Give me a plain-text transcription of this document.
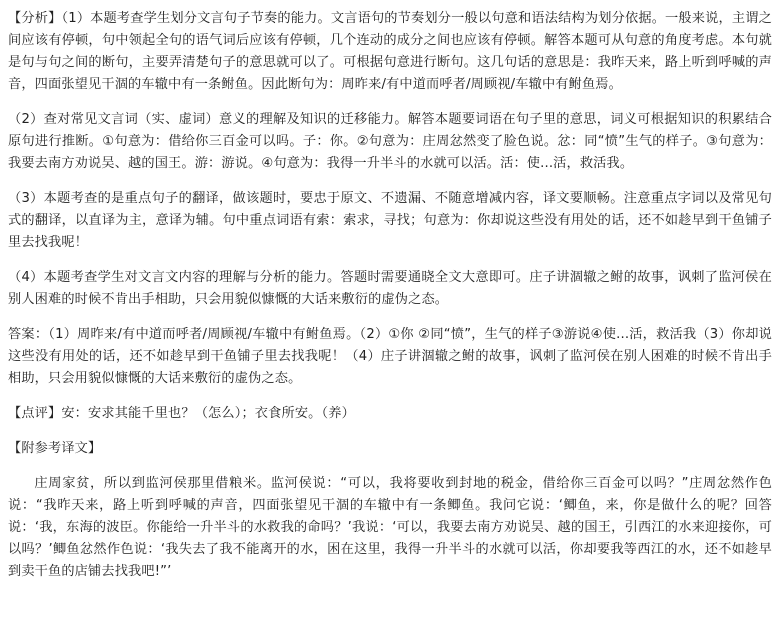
【分析】（1）本题考查学生划分文言句子节奏的能力。文言语句的节奏划分一般以句意和语法结构为划分依据。一般来说，主谓之间应该有停顿，句中领起全句的语气词后应该有停顿，几个连动的成分之间也应该有停顿。解答本题可从句意的角度考虑。本句就是句与句之间的断句，主要弄清楚句子的意思就可以了。可根据句意进行断句。这几句话的意思是：我昨天来，路上听到呼喊的声音，四面张望见干涸的车辙中有一条鲋鱼。因此断句为：周昨来/有中道而呼者/周顾视/车辙中有鲋鱼焉。

（2）查对常见文言词（实、虚词）意义的理解及知识的迁移能力。解答本题要词语在句子里的意思，词义可根据知识的积累结合原句进行推断。①句意为：借给你三百金可以吗。子：你。②句意为：庄周忿然变了脸色说。忿：同“愤”生气的样子。③句意为：我要去南方劝说吴、越的国王。游：游说。④句意为：我得一升半斗的水就可以活。活：使...活，救活我。

（3）本题考查的是重点句子的翻译，做该题时，要忠于原文、不遗漏、不随意增减内容，译文要顺畅。注意重点字词以及常见句式的翻译，以直译为主，意译为辅。句中重点词语有索：索求，寻找；句意为：你却说这些没有用处的话，还不如趁早到干鱼铺子里去找我呢！

（4）本题考查学生对文言文内容的理解与分析的能力。答题时需要通晓全文大意即可。庄子讲涸辙之鲋的故事，讽刺了监河侯在别人困难的时候不肯出手相助，只会用貌似慷慨的大话来敷衍的虚伪之态。

答案：（1）周昨来/有中道而呼者/周顾视/车辙中有鲋鱼焉。（2）①你 ②同“愤”，生气的样子③游说④使...活，救活我（3）你却说这些没有用处的话，还不如趁早到干鱼铺子里去找我呢！（4）庄子讲涸辙之鲋的故事，讽刺了监河侯在别人困难的时候不肯出手相助，只会用貌似慷慨的大话来敷衍的虚伪之态。

【点评】安：安求其能千里也？（怎么）；衣食所安。（养）

【附参考译文】

庄周家贫，所以到监河侯那里借粮米。监河侯说：“可以，我将要收到封地的税金，借给你三百金可以吗？”庄周忿然作色说：“我昨天来，路上听到呼喊的声音，四面张望见干涸的车辙中有一条鲫鱼。我问它说：‘鲫鱼，来，你是做什么的呢？回答说：‘我，东海的波臣。你能给一升半斗的水救我的命吗？’我说：‘可以，我要去南方劝说吴、越的国王，引西江的水来迎接你，可以吗？’鲫鱼忿然作色说：‘我失去了我不能离开的水，困在这里，我得一升半斗的水就可以活，你却要我等西江的水，还不如趁早到卖干鱼的店铺去找我吧!”’
